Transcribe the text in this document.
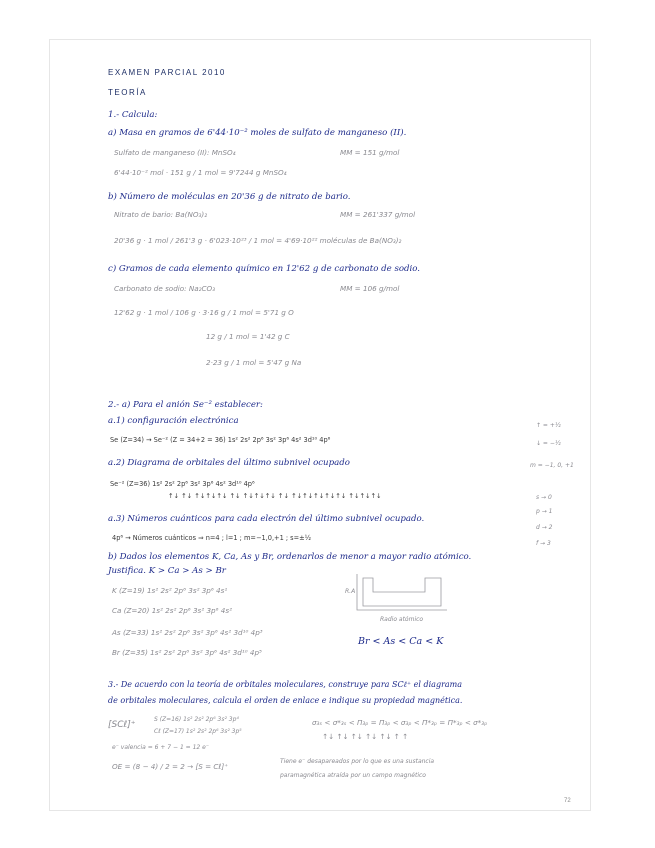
EXAMEN PARCIAL 2010
TEORÍA
1.- Calcula:
a) Masa en gramos de 6'44·10⁻² moles de sulfato de manganeso (II).
Sulfato de manganeso (II): MnSO₄	MM = 151 g/mol
6'44·10⁻² mol · 151 g / 1 mol = 9'7244 g MnSO₄
b) Número de moléculas en 20'36 g de nitrato de bario.
Nitrato de bario: Ba(NO₃)₂	MM = 261'337 g/mol
20'36 g · 1 mol / 261'3 g · 6'023·10²³ / 1 mol = 4'69·10²² moléculas de Ba(NO₃)₂
c) Gramos de cada elemento químico en 12'62 g de carbonato de sodio.
Carbonato de sodio: Na₂CO₃	MM = 106 g/mol
12'62 g · 1 mol / 106 g · 3·16 g / 1 mol = 5'71 g O
12 g / 1 mol = 1'42 g C
2·23 g / 1 mol = 5'47 g Na
2.- a) Para el anión Se⁻² establecer:
a.1) configuración electrónica
Se (Z=34) → Se⁻² (Z = 34+2 = 36) 1s² 2s² 2p⁶ 3s² 3p⁶ 4s² 3d¹⁰ 4p⁶
a.2) Diagrama de orbitales del último subnivel ocupado
Se⁻² (Z=36) 1s² 2s² 2p⁶ 3s² 3p⁶ 4s² 3d¹⁰ 4p⁶
↑↓ ↑↓ ↑↓↑↓↑↓ ↑↓ ↑↓↑↓↑↓ ↑↓ ↑↓↑↓↑↓↑↓↑↓ ↑↓↑↓↑↓
a.3) Números cuánticos para cada electrón del último subnivel ocupado.
4p⁶ → Números cuánticos ⇒ n=4 ; l=1 ; m=−1,0,+1 ; s=±½
b) Dados los elementos K, Ca, As y Br, ordenarlos de menor a mayor radio atómico.
Justifica. K > Ca > As > Br
K (Z=19) 1s² 2s² 2p⁶ 3s² 3p⁶ 4s¹
Ca (Z=20) 1s² 2s² 2p⁶ 3s² 3p⁶ 4s²
As (Z=33) 1s² 2s² 2p⁶ 3s² 3p⁶ 4s² 3d¹⁰ 4p³
Br (Z=35) 1s² 2s² 2p⁶ 3s² 3p⁶ 4s² 3d¹⁰ 4p⁵
Br < As < Ca < K
R.A
Radio atómico
↑ = +½
↓ = −½
m = −1, 0, +1
s → 0
p → 1
d → 2
f → 3
3.- De acuerdo con la teoría de orbitales moleculares, construye para SCℓ⁺ el diagrama
de orbitales moleculares, calcula el orden de enlace e indique su propiedad magnética.
[SCℓ]⁺
S (Z=16) 1s² 2s² 2p⁶ 3s² 3p⁴
Cℓ (Z=17) 1s² 2s² 2p⁶ 3s² 3p⁵
e⁻ valencia = 6 + 7 − 1 = 12 e⁻
σ₃ₛ < σ*₃ₛ < Π₃ₚ = Π₃ₚ < σ₃ₚ < Π*₃ₚ = Π*₃ₚ < σ*₃ₚ
↑↓ ↑↓ ↑↓ ↑↓ ↑↓ ↑ ↑
OE = (8 − 4) / 2 = 2 → [S = Cℓ]⁺
Tiene e⁻ desapareados por lo que es una sustancia
paramagnética atraída por un campo magnético
72
